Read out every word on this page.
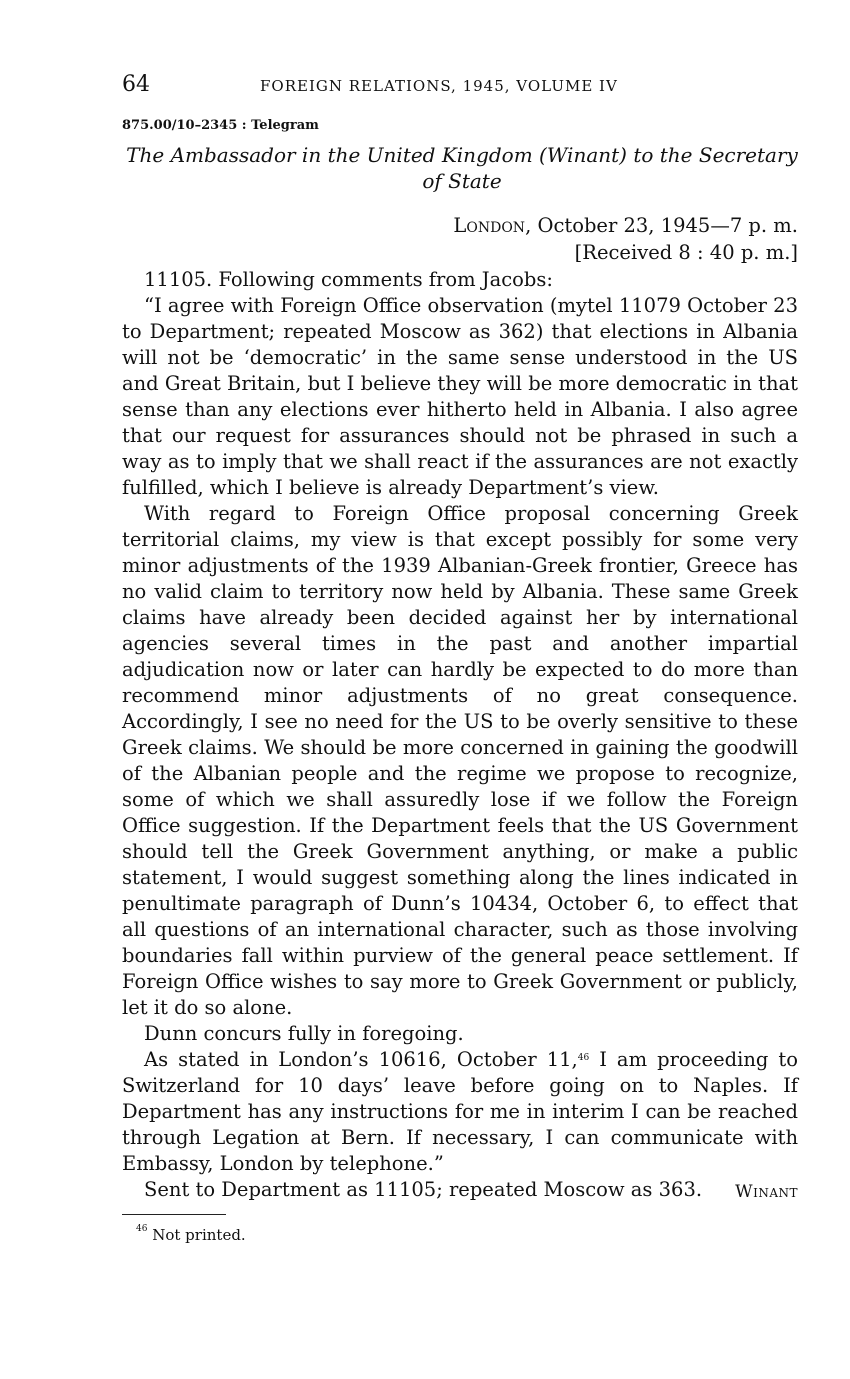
64	FOREIGN RELATIONS, 1945, VOLUME IV
875.00/10–2345 : Telegram
The Ambassador in the United Kingdom (Winant) to the Secretary of State
London, October 23, 1945—7 p. m.
[Received 8 : 40 p. m.]

11105. Following comments from Jacobs:

“I agree with Foreign Office observation (mytel 11079 October 23 to Department; repeated Moscow as 362) that elections in Albania will not be ‘democratic’ in the same sense understood in the US and Great Britain, but I believe they will be more democratic in that sense than any elections ever hitherto held in Albania. I also agree that our request for assurances should not be phrased in such a way as to imply that we shall react if the assurances are not exactly fulfilled, which I believe is already Department’s view.

With regard to Foreign Office proposal concerning Greek territorial claims, my view is that except possibly for some very minor adjustments of the 1939 Albanian-Greek frontier, Greece has no valid claim to territory now held by Albania. These same Greek claims have already been decided against her by international agencies several times in the past and another impartial adjudication now or later can hardly be expected to do more than recommend minor adjustments of no great consequence. Accordingly, I see no need for the US to be overly sensitive to these Greek claims. We should be more concerned in gaining the goodwill of the Albanian people and the regime we propose to recognize, some of which we shall assuredly lose if we follow the Foreign Office suggestion. If the Department feels that the US Government should tell the Greek Government anything, or make a public statement, I would suggest something along the lines indicated in penultimate paragraph of Dunn’s 10434, October 6, to effect that all questions of an international character, such as those involving boundaries fall within purview of the general peace settlement. If Foreign Office wishes to say more to Greek Government or publicly, let it do so alone.

Dunn concurs fully in foregoing.

As stated in London’s 10616, October 11,46 I am proceeding to Switzerland for 10 days’ leave before going on to Naples. If Department has any instructions for me in interim I can be reached through Legation at Bern. If necessary, I can communicate with Embassy, London by telephone.”

Sent to Department as 11105; repeated Moscow as 363.	Winant
$^{46}$ Not printed.
